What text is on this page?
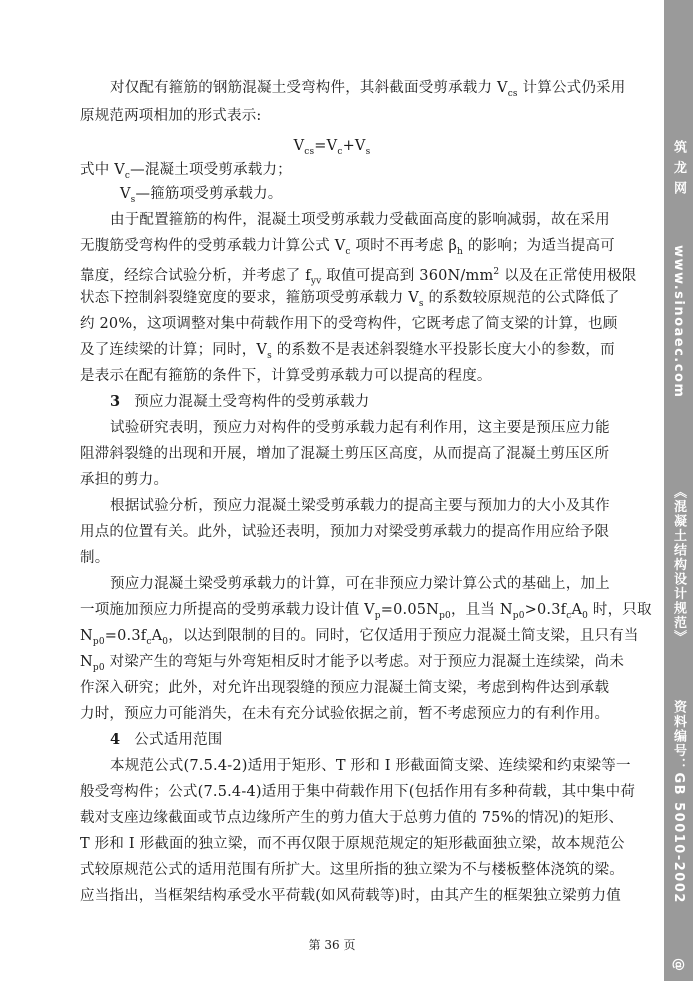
对仅配有箍筋的钢筋混凝土受弯构件，其斜截面受剪承载力 $V_{cs}$ 计算公式仍采用
原规范两项相加的形式表示:
$V_{cs}=V_c+V_s$
式中 $V_c—$混凝土项受剪承载力；
$V_s—$箍筋项受剪承载力。
由于配置箍筋的构件，混凝土项受剪承载力受截面高度的影响减弱，故在采用
无腹筋受弯构件的受剪承载力计算公式 $V_c$ 项时不再考虑 $\beta_h$ 的影响；为适当提高可
靠度，经综合试验分析，并考虑了 $f_{yv}$ 取值可提高到 $360N/mm^2$ 以及在正常使用极限
状态下控制斜裂缝宽度的要求，箍筋项受剪承载力 $V_s$ 的系数较原规范的公式降低了
约 20%，这项调整对集中荷载作用下的受弯构件，它既考虑了简支梁的计算，也顾
及了连续梁的计算；同时，$V_s$ 的系数不是表述斜裂缝水平投影长度大小的参数，而
是表示在配有箍筋的条件下，计算受剪承载力可以提高的程度。
3 预应力混凝土受弯构件的受剪承载力
试验研究表明，预应力对构件的受剪承载力起有利作用，这主要是预压应力能
阻滞斜裂缝的出现和开展，增加了混凝土剪压区高度，从而提高了混凝土剪压区所
承担的剪力。
根据试验分析，预应力混凝土梁受剪承载力的提高主要与预加力的大小及其作
用点的位置有关。此外，试验还表明，预加力对梁受剪承载力的提高作用应给予限
制。
预应力混凝土梁受剪承载力的计算，可在非预应力梁计算公式的基础上，加上
一项施加预应力所提高的受剪承载力设计值 $V_p=0.05N_{p0}$，且当 $N_{p0}>0.3f_cA_0$ 时，只取
$N_{p0}=0.3f_cA_0$，以达到限制的目的。同时，它仅适用于预应力混凝土简支梁，且只有当
$N_{p0}$ 对梁产生的弯矩与外弯矩相反时才能予以考虑。对于预应力混凝土连续梁，尚未
作深入研究；此外，对允许出现裂缝的预应力混凝土简支梁，考虑到构件达到承载
力时，预应力可能消失，在未有充分试验依据之前，暂不考虑预应力的有利作用。
4 公式适用范围
本规范公式(7.5.4-2)适用于矩形、T 形和 I 形截面简支梁、连续梁和约束梁等一
般受弯构件；公式(7.5.4-4)适用于集中荷载作用下(包括作用有多种荷载，其中集中荷
载对支座边缘截面或节点边缘所产生的剪力值大于总剪力值的 75%的情况)的矩形、
T 形和 I 形截面的独立梁，而不再仅限于原规范规定的矩形截面独立梁，故本规范公
式较原规范公式的适用范围有所扩大。这里所指的独立梁为不与楼板整体浇筑的梁。
应当指出，当框架结构承受水平荷载(如风荷载等)时，由其产生的框架独立梁剪力值
第 36 页
筑 龙 网
www.sinoaec.com
《混凝土结构设计规范》
资料编号：GB 50010-2002
@
